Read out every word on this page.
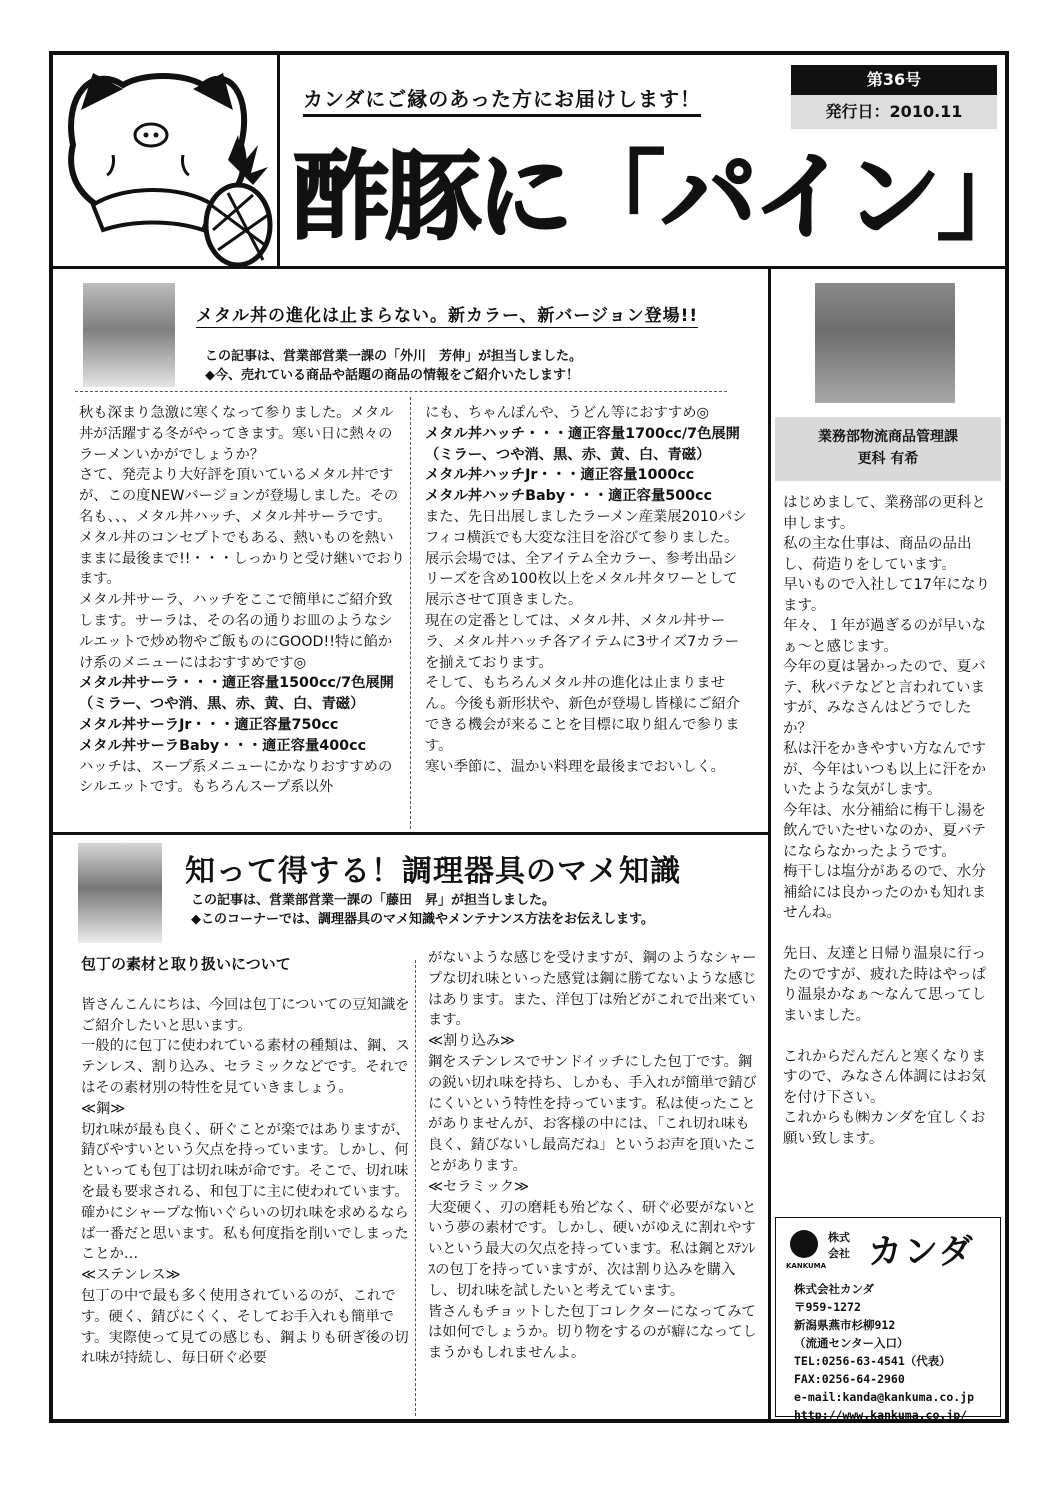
カンダにご縁のあった方にお届けします！
第36号
発行日：2010.11
酢豚に「パイン」
メタル丼の進化は止まらない。新カラー、新バージョン登場!!
この記事は、営業部営業一課の「外川　芳伸」が担当しました。
◆今、売れている商品や話題の商品の情報をご紹介いたします！

秋も深まり急激に寒くなって参りました。メタル丼が活躍する冬がやってきます。寒い日に熱々のラーメンいかがでしょうか？

さて、発売より大好評を頂いているメタル丼ですが、この度NEWバージョンが登場しました。その名も、、、メタル丼ハッチ、メタル丼サーラです。メタル丼のコンセプトでもある、熱いものを熱いままに最後まで!!・・・しっかりと受け継いでおります。

メタル丼サーラ、ハッチをここで簡単にご紹介致します。サーラは、その名の通りお皿のようなシルエットで炒め物やご飯ものにGOOD!!特に餡かけ系のメニューにはおすすめです◎

メタル丼サーラ・・・適正容量1500cc/7色展開

（ミラー、つや消、黒、赤、黄、白、青磁）

メタル丼サーラJr・・・適正容量750cc

メタル丼サーラBaby・・・適正容量400cc

ハッチは、スープ系メニューにかなりおすすめのシルエットです。もちろんスープ系以外

にも、ちゃんぽんや、うどん等におすすめ◎

メタル丼ハッチ・・・適正容量1700cc/7色展開

（ミラー、つや消、黒、赤、黄、白、青磁）

メタル丼ハッチJr・・・適正容量1000cc

メタル丼ハッチBaby・・・適正容量500cc

また、先日出展しましたラーメン産業展2010パシフィコ横浜でも大変な注目を浴びて参りました。

展示会場では、全アイテム全カラー、参考出品シリーズを含め100枚以上をメタル丼タワーとして展示させて頂きました。

現在の定番としては、メタル丼、メタル丼サーラ、メタル丼ハッチ各アイテムに3サイズ7カラーを揃えております。

そして、もちろんメタル丼の進化は止まりません。今後も新形状や、新色が登場し皆様にご紹介できる機会が来ることを目標に取り組んで参ります。

寒い季節に、温かい料理を最後までおいしく。

知って得する！調理器具のマメ知識
この記事は、営業部営業一課の「藤田　昇」が担当しました。
◆このコーナーでは、調理器具のマメ知識やメンテナンス方法をお伝えします。

包丁の素材と取り扱いについて

皆さんこんにちは、今回は包丁についての豆知識をご紹介したいと思います。

一般的に包丁に使われている素材の種類は、鋼、ステンレス、割り込み、セラミックなどです。それではその素材別の特性を見ていきましょう。

≪鋼≫

切れ味が最も良く、研ぐことが楽ではありますが、錆びやすいという欠点を持っています。しかし、何といっても包丁は切れ味が命です。そこで、切れ味を最も要求される、和包丁に主に使われています。確かにシャープな怖いぐらいの切れ味を求めるならば一番だと思います。私も何度指を削いでしまったことか…

≪ステンレス≫

包丁の中で最も多く使用されているのが、これです。硬く、錆びにくく、そしてお手入れも簡単です。実際使って見ての感じも、鋼よりも研ぎ後の切れ味が持続し、毎日研ぐ必要

がないような感じを受けますが、鋼のようなシャープな切れ味といった感覚は鋼に勝てないような感じはあります。また、洋包丁は殆どがこれで出来ています。

≪割り込み≫

鋼をステンレスでサンドイッチにした包丁です。鋼の鋭い切れ味を持ち、しかも、手入れが簡単で錆びにくいという特性を持っています。私は使ったことがありませんが、お客様の中には、「これ切れ味も良く、錆びないし最高だね」というお声を頂いたことがあります。

≪セラミック≫

大変硬く、刃の磨耗も殆どなく、研ぐ必要がないという夢の素材です。しかし、硬いがゆえに割れやすいという最大の欠点を持っています。私は鋼とｽﾃﾝﾚｽの包丁を持っていますが、次は割り込みを購入し、切れ味を試したいと考えています。

皆さんもチョットした包丁コレクターになってみては如何でしょうか。切り物をするのが癖になってしまうかもしれませんよ。

業務部物流商品管理課
更科 有希
はじめまして、業務部の更科と申します。
私の主な仕事は、商品の品出し、荷造りをしています。
早いもので入社して17年になります。
年々、１年が過ぎるのが早いなぁ～と感じます。
今年の夏は暑かったので、夏バテ、秋バテなどと言われていますが、みなさんはどうでしたか？
私は汗をかきやすい方なんですが、今年はいつも以上に汗をかいたような気がします。
今年は、水分補給に梅干し湯を飲んでいたせいなのか、夏バテにならなかったようです。
梅干しは塩分があるので、水分補給には良かったのかも知れませんね。

先日、友達と日帰り温泉に行ったのですが、疲れた時はやっぱり温泉かなぁ～なんて思ってしまいました。

これからだんだんと寒くなりますので、みなさん体調にはお気を付け下さい。
これからも㈱カンダを宜しくお願い致します。
KANKUMA
株式
会社 カンダ
株式会社カンダ
〒959-1272
新潟県燕市杉柳912
（流通センター入口）
TEL:0256-63-4541（代表）
FAX:0256-64-2960
e-mail:kanda@kankuma.co.jp
http://www.kankuma.co.jp/
